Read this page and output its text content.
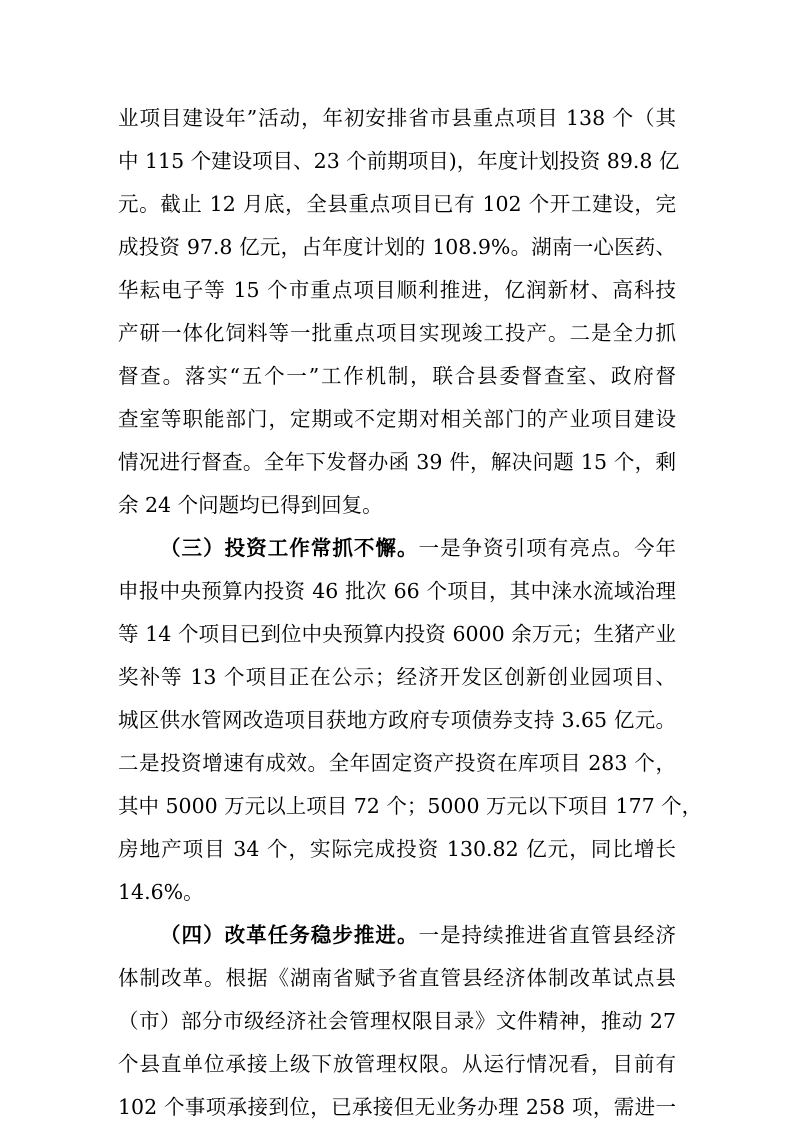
业项目建设年”活动，年初安排省市县重点项目 138 个（其
中 115 个建设项目、23 个前期项目)，年度计划投资 89.8 亿
元。截止 12 月底，全县重点项目已有 102 个开工建设，完
成投资 97.8 亿元，占年度计划的 108.9%。湖南一心医药、
华耘电子等 15 个市重点项目顺利推进，亿润新材、高科技
产研一体化饲料等一批重点项目实现竣工投产。二是全力抓
督查。落实“五个一”工作机制，联合县委督查室、政府督
查室等职能部门，定期或不定期对相关部门的产业项目建设
情况进行督查。全年下发督办函 39 件，解决问题 15 个，剩
余 24 个问题均已得到回复。
（三）投资工作常抓不懈。一是争资引项有亮点。今年
申报中央预算内投资 46 批次 66 个项目，其中涞水流域治理
等 14 个项目已到位中央预算内投资 6000 余万元；生猪产业
奖补等 13 个项目正在公示；经济开发区创新创业园项目、
城区供水管网改造项目获地方政府专项债券支持 3.65 亿元。
二是投资增速有成效。全年固定资产投资在库项目 283 个，
其中 5000 万元以上项目 72 个；5000 万元以下项目 177 个，
房地产项目 34 个，实际完成投资 130.82 亿元，同比增长
14.6%。
（四）改革任务稳步推进。一是持续推进省直管县经济
体制改革。根据《湖南省赋予省直管县经济体制改革试点县
（市）部分市级经济社会管理权限目录》文件精神，推动 27
个县直单位承接上级下放管理权限。从运行情况看，目前有
102 个事项承接到位，已承接但无业务办理 258 项，需进一
